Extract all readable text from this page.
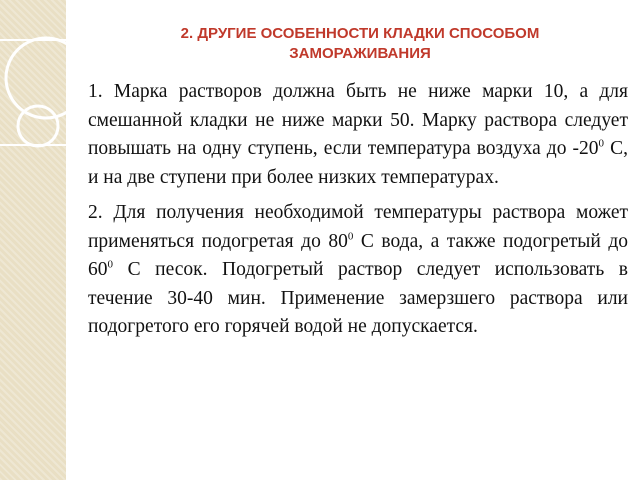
2. ДРУГИЕ ОСОБЕННОСТИ КЛАДКИ СПОСОБОМ ЗАМОРАЖИВАНИЯ

1. Марка растворов должна быть не ниже марки 10, а для смешанной кладки не ниже марки 50. Марку раствора следует повышать на одну ступень, если температура воздуха до $-20^0$ С, и на две ступени при более низких температурах.

2. Для получения необходимой температуры раствора может применяться подогретая до $80^0$ С вода, а также подогретый до $60^0$ С песок. Подогретый раствор следует использовать в течение 30-40 мин. Применение замерзшего раствора или подогретого его горячей водой не допускается.
